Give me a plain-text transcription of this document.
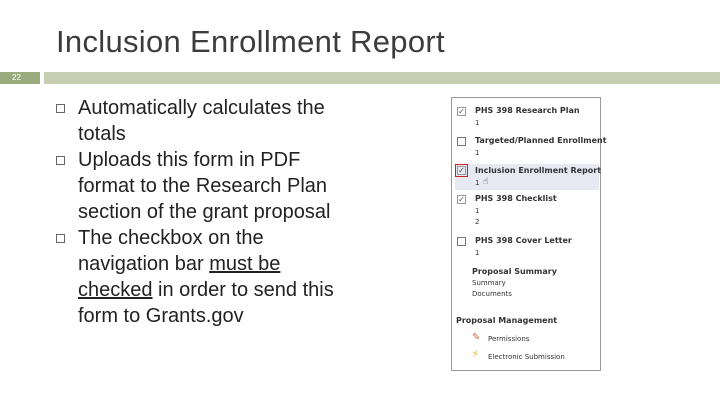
Inclusion Enrollment Report
22
Automatically calculates the totals
Uploads this form in PDF format to the Research Plan section of the grant proposal
The checkbox on the navigation bar must be checked in order to send this form to Grants.gov
✓ PHS 398 Research Plan
1
Targeted/Planned Enrollment
1
✓ Inclusion Enrollment Report
1 ☝
✓ PHS 398 Checklist
1
2
PHS 398 Cover Letter
1
Proposal Summary
Summary
Documents
Proposal Management
✎	Permissions
⚡	Electronic Submission
